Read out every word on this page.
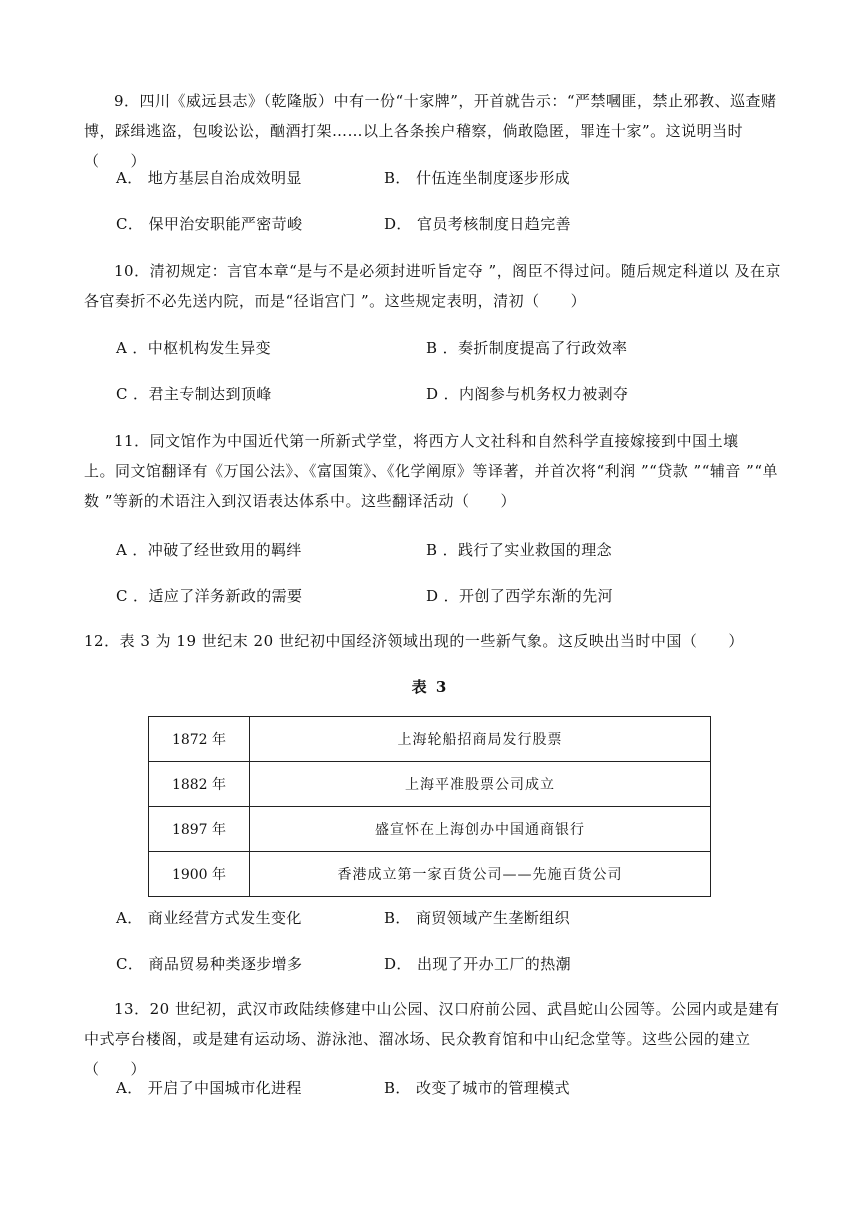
9．四川《威远县志》（乾隆版）中有一份“十家牌”，开首就告示：“严禁嘓匪，禁止邪教、巡查赌博，踩缉逃盗，包唆讼讼，酗酒打架……以上各条挨户稽察，倘敢隐匿，罪连十家”。这说明当时（　　）
A． 地方基层自治成效明显	B． 什伍连坐制度逐步形成
C． 保甲治安职能严密苛峻	D． 官员考核制度日趋完善
10．清初规定：言官本章“是与不是必须封进听旨定夺 ”，阁臣不得过问。随后规定科道以 及在京各官奏折不必先送内院，而是“径诣宫门 ”。这些规定表明，清初（　　）
A ．中枢机构发生异变	B ．奏折制度提高了行政效率
C ．君主专制达到顶峰	D ．内阁参与机务权力被剥夺
11．同文馆作为中国近代第一所新式学堂，将西方人文社科和自然科学直接嫁接到中国土壤　 上。同文馆翻译有《万国公法》、《富国策》、《化学阐原》等译著，并首次将“利润 ”“贷款 ”“辅音 ”“单数 ”等新的术语注入到汉语表达体系中。这些翻译活动（　　）
A ．冲破了经世致用的羁绊	B ．践行了实业救国的理念
C ．适应了洋务新政的需要	D ．开创了西学东渐的先河
12．表 3 为 19 世纪末 20 世纪初中国经济领域出现的一些新气象。这反映出当时中国（　　）
表 3
1872 年	上海轮船招商局发行股票
1882 年	上海平准股票公司成立
1897 年	盛宣怀在上海创办中国通商银行
1900 年	香港成立第一家百货公司——先施百货公司
A． 商业经营方式发生变化	B． 商贸领域产生垄断组织
C． 商品贸易种类逐步增多	D． 出现了开办工厂的热潮
13．20 世纪初，武汉市政陆续修建中山公园、汉口府前公园、武昌蛇山公园等。公园内或是建有中式亭台楼阁，或是建有运动场、游泳池、溜冰场、民众教育馆和中山纪念堂等。这些公园的建立（　　）
A． 开启了中国城市化进程	B． 改变了城市的管理模式
